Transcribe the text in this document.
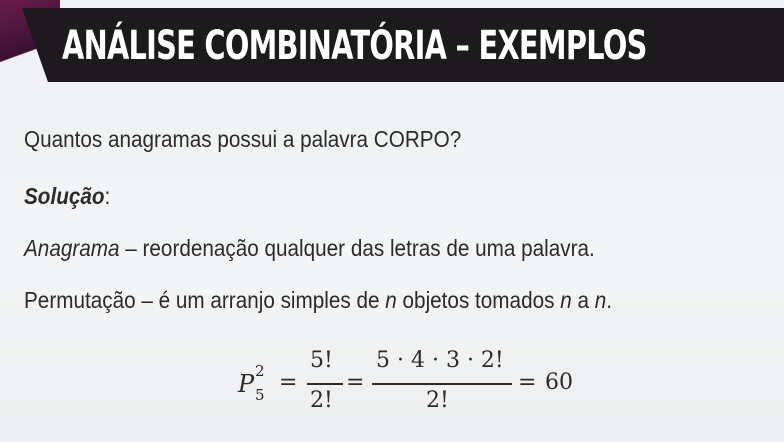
ANÁLISE COMBINATÓRIA – EXEMPLOS
Quantos anagramas possui a palavra CORPO?
Solução:
Anagrama – reordenação qualquer das letras de uma palavra.
Permutação – é um arranjo simples de n objetos tomados n a n.
P 2
5 =
5!
2!
=
5 · 4 · 3 · 2!
2!
= 60
